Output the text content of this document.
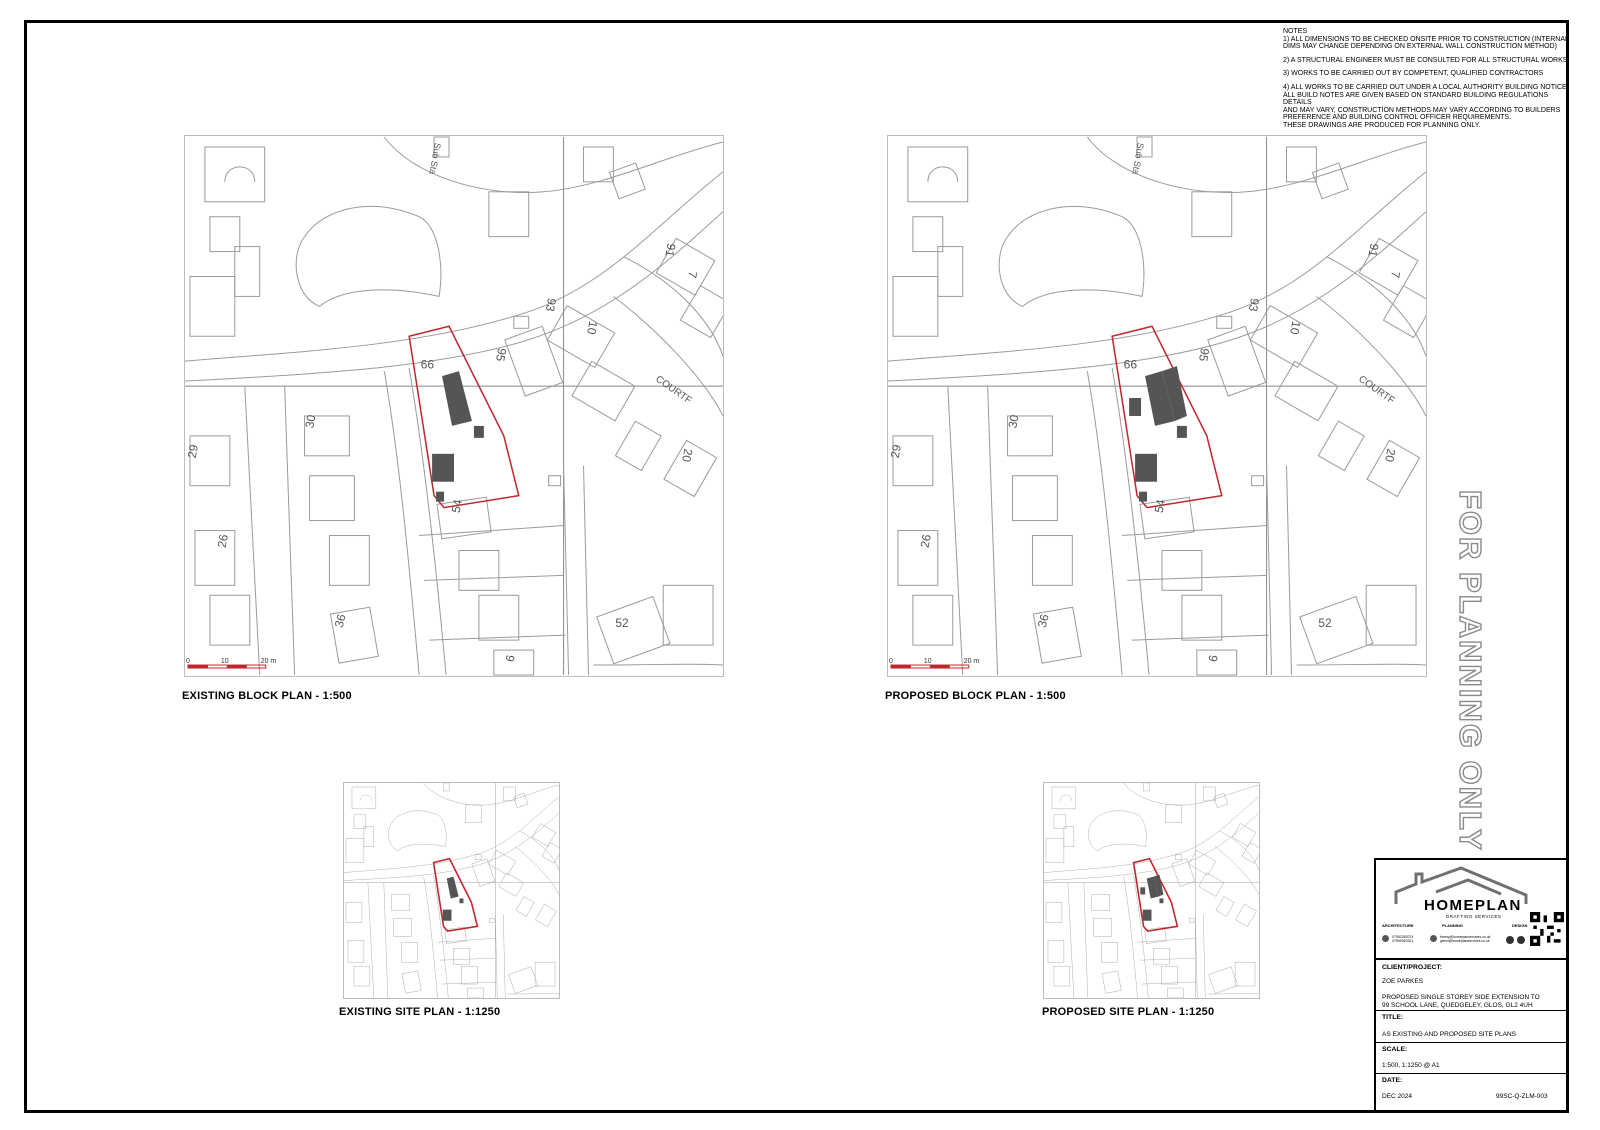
NOTES

1) ALL DIMENSIONS TO BE CHECKED ONSITE PRIOR TO CONSTRUCTION (INTERNAL
DIMS MAY CHANGE DEPENDING ON EXTERNAL WALL CONSTRUCTION METHOD)

2) A STRUCTURAL ENGINEER MUST BE CONSULTED FOR ALL STRUCTURAL WORKS

3) WORKS TO BE CARRIED OUT BY COMPETENT, QUALIFIED CONTRACTORS

4) ALL WORKS TO BE CARRIED OUT UNDER A LOCAL AUTHORITY BUILDING NOTICE
ALL BUILD NOTES ARE GIVEN BASED ON STANDARD BUILDING REGULATIONS DETAILS
AND MAY VARY, CONSTRUCTION METHODS MAY VARY ACCORDING TO BUILDERS
PREFERENCE AND BUILDING CONTROL OFFICER REQUIREMENTS.
THESE DRAWINGS ARE PRODUCED FOR PLANNING ONLY.

FOR PLANNING ONLY
99
95
93
91
30
29
26
36
54
52
20
10
7
9
Sub Sta
COURTF
0	10	20 m
EXISTING BLOCK PLAN - 1:500
99
95
93
91
30
29
26
36
54
52
20
10
7
9
Sub Sta
COURTF
0	10	20 m
PROPOSED BLOCK PLAN - 1:500
EXISTING SITE PLAN - 1:1250	PROPOSED SITE PLAN - 1:1250
HOMEPLAN
DRAFTING SERVICES
ARCHITECTURE	PLANNING	DESIGN
07552282074
07599363321
timmy@homeplanservices.co.uk
glenn@homeplanservices.co.uk
CLIENT/PROJECT:
ZOE PARKES
PROPOSED SINGLE STOREY SIDE EXTENSION TO
99 SCHOOL LANE, QUEDGELEY, GLOS, GL2 4UH
TITLE:
AS EXISTING AND PROPOSED SITE PLANS
SCALE:
1:500, 1:1250 @ A1
DATE:
DEC 2024	99SC-Q-ZLM-003
